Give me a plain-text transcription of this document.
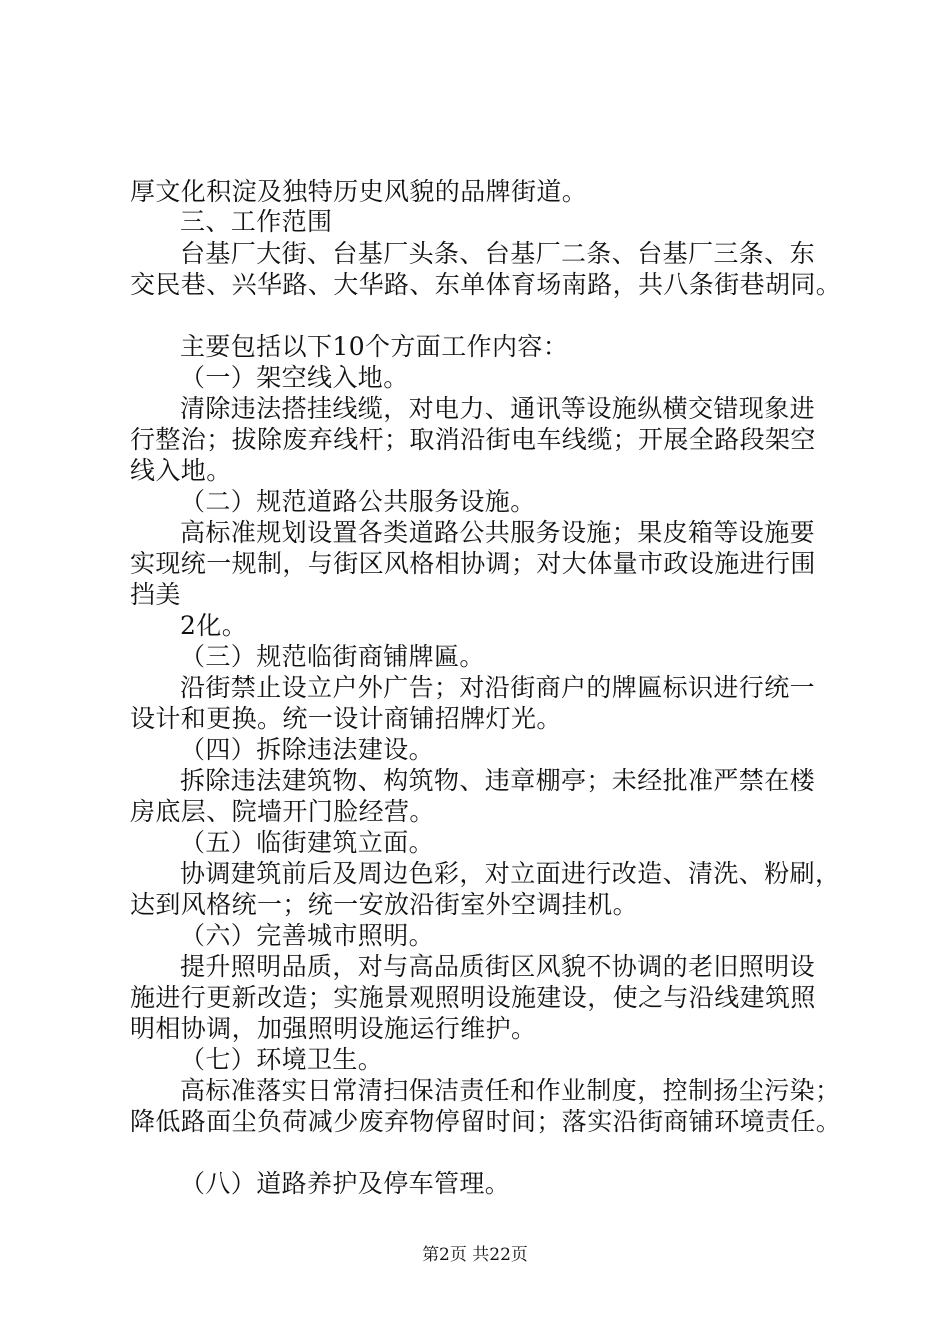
厚文化积淀及独特历史风貌的品牌街道。
三、工作范围
台基厂大街、台基厂头条、台基厂二条、台基厂三条、东
交民巷、兴华路、大华路、东单体育场南路，共八条街巷胡同。
主要包括以下10个方面工作内容：
（一）架空线入地。
清除违法搭挂线缆，对电力、通讯等设施纵横交错现象进
行整治；拔除废弃线杆；取消沿街电车线缆；开展全路段架空
线入地。
（二）规范道路公共服务设施。
高标准规划设置各类道路公共服务设施；果皮箱等设施要
实现统一规制，与街区风格相协调；对大体量市政设施进行围
挡美
2化。
（三）规范临街商铺牌匾。
沿街禁止设立户外广告；对沿街商户的牌匾标识进行统一
设计和更换。统一设计商铺招牌灯光。
（四）拆除违法建设。
拆除违法建筑物、构筑物、违章棚亭；未经批准严禁在楼
房底层、院墙开门脸经营。
（五）临街建筑立面。
协调建筑前后及周边色彩，对立面进行改造、清洗、粉刷，
达到风格统一；统一安放沿街室外空调挂机。
（六）完善城市照明。
提升照明品质，对与高品质街区风貌不协调的老旧照明设
施进行更新改造；实施景观照明设施建设，使之与沿线建筑照
明相协调，加强照明设施运行维护。
（七）环境卫生。
高标准落实日常清扫保洁责任和作业制度，控制扬尘污染；
降低路面尘负荷减少废弃物停留时间；落实沿街商铺环境责任。
（八）道路养护及停车管理。
第2页 共22页
